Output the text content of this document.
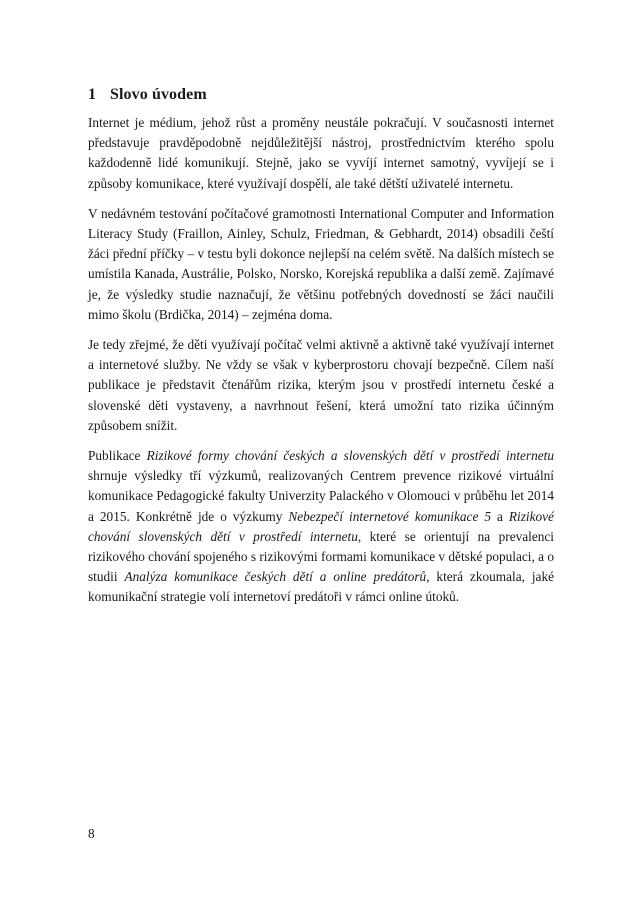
1 Slovo úvodem

Internet je médium, jehož růst a proměny neustále pokračují. V současnosti internet představuje pravděpodobně nejdůležitější nástroj, prostřednictvím kterého spolu každodenně lidé komunikují. Stejně, jako se vyvíjí internet samotný, vyvíjejí se i způsoby komunikace, které využívají dospělí, ale také dětští uživatelé internetu.

V nedávném testování počítačové gramotnosti International Computer and Information Literacy Study (Fraillon, Ainley, Schulz, Friedman, & Gebhardt, 2014) obsadili čeští žáci přední příčky – v testu byli dokonce nejlepší na celém světě. Na dalších místech se umístila Kanada, Austrálie, Polsko, Norsko, Korejská republika a další země. Zajímavé je, že výsledky studie naznačují, že většinu potřebných dovedností se žáci naučili mimo školu (Brdička, 2014) – zejména doma.

Je tedy zřejmé, že děti využívají počítač velmi aktivně a aktivně také využívají internet a internetové služby. Ne vždy se však v kyberprostoru chovají bezpečně. Cílem naší publikace je představit čtenářům rizika, kterým jsou v prostředí internetu české a slovenské děti vystaveny, a navrhnout řešení, která umožní tato rizika účinným způsobem snížit.

Publikace Rizikové formy chování českých a slovenských dětí v prostředí internetu shrnuje výsledky tří výzkumů, realizovaných Centrem prevence rizikové virtuální komunikace Pedagogické fakulty Univerzity Palackého v Olomouci v průběhu let 2014 a 2015. Konkrétně jde o výzkumy Nebezpečí internetové komunikace 5 a Rizikové chování slovenských dětí v prostředí internetu, které se orientují na prevalenci rizikového chování spojeného s rizikovými formami komunikace v dětské populaci, a o studii Analýza komunikace českých dětí a online predátorů, která zkoumala, jaké komunikační strategie volí internetoví predátoři v rámci online útoků.

8
